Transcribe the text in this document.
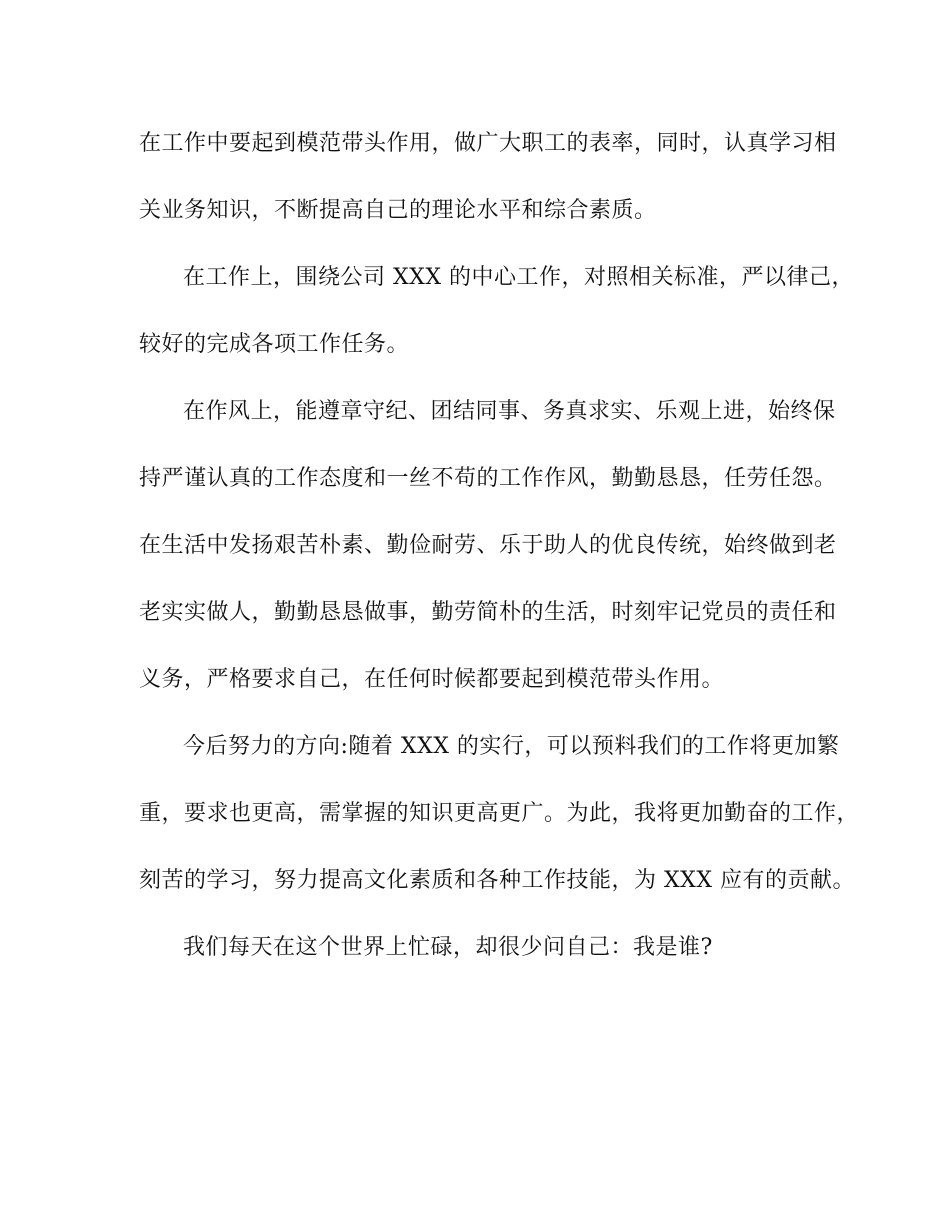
在工作中要起到模范带头作用，做广大职工的表率，同时，认真学习相
关业务知识，不断提高自己的理论水平和综合素质。
在工作上，围绕公司 XXX 的中心工作，对照相关标准，严以律己，
较好的完成各项工作任务。
在作风上，能遵章守纪、团结同事、务真求实、乐观上进，始终保
持严谨认真的工作态度和一丝不苟的工作作风，勤勤恳恳，任劳任怨。
在生活中发扬艰苦朴素、勤俭耐劳、乐于助人的优良传统，始终做到老
老实实做人，勤勤恳恳做事，勤劳简朴的生活，时刻牢记党员的责任和
义务，严格要求自己，在任何时候都要起到模范带头作用。
今后努力的方向:随着 XXX 的实行，可以预料我们的工作将更加繁
重，要求也更高，需掌握的知识更高更广。为此，我将更加勤奋的工作，
刻苦的学习，努力提高文化素质和各种工作技能，为 XXX 应有的贡献。
我们每天在这个世界上忙碌，却很少问自己：我是谁?
